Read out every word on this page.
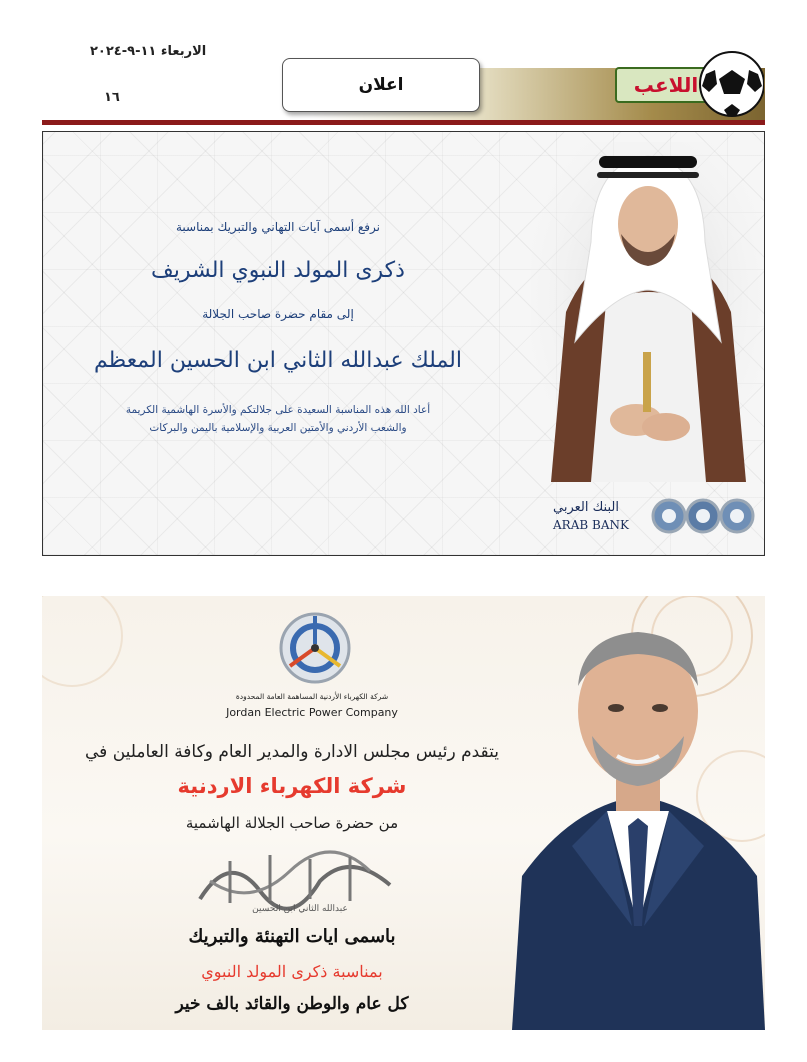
الاربعاء ١١-٩-٢٠٢٤
١٦
اعلان	اللاعب
نرفع أسمى آيات التهاني والتبريك بمناسبة
ذكرى المولد النبوي الشريف
إلى مقام حضرة صاحب الجلالة
الملك عبدالله الثاني ابن الحسين المعظم
أعاد الله هذه المناسبة السعيدة على جلالتكم والأسرة الهاشمية الكريمة
والشعب الأردني والأمتين العربية والإسلامية باليمن والبركات
البنك العربي
ARAB BANK
شركة الكهرباء الأردنية المساهمة العامة المحدودة
Jordan Electric Power Company
يتقدم رئيس مجلس الادارة والمدير العام وكافة العاملين في
شركة الكهرباء الاردنية
من حضرة صاحب الجلالة الهاشمية
عبدالله الثاني ابن الحسين
باسمى ايات التهنئة والتبريك
بمناسبة ذكرى المولد النبوي
كل عام والوطن والقائد بالف خير
